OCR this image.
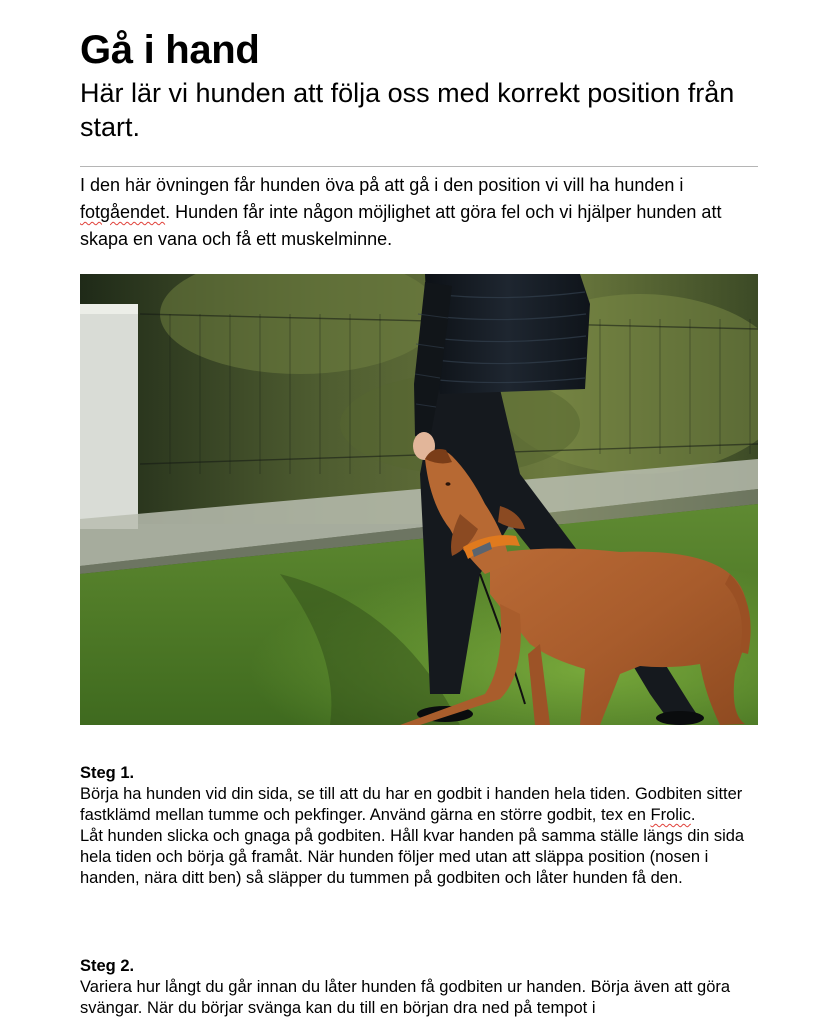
Gå i hand
Här lär vi hunden att följa oss med korrekt position från start.

I den här övningen får hunden öva på att gå i den position vi vill ha hunden i fotgåendet. Hunden får inte någon möjlighet att göra fel och vi hjälper hunden att skapa en vana och få ett muskelminne.

Steg 1.

Börja ha hunden vid din sida, se till att du har en godbit i handen hela tiden. Godbiten sitter fastklämd mellan tumme och pekfinger. Använd gärna en större godbit, tex en Frolic.

Låt hunden slicka och gnaga på godbiten. Håll kvar handen på samma ställe längs din sida hela tiden och börja gå framåt. När hunden följer med utan att släppa position (nosen i handen, nära ditt ben) så släpper du tummen på godbiten och låter hunden få den.

Steg 2.

Variera hur långt du går innan du låter hunden få godbiten ur handen. Börja även att göra svängar. När du börjar svänga kan du till en början dra ned på tempot i
